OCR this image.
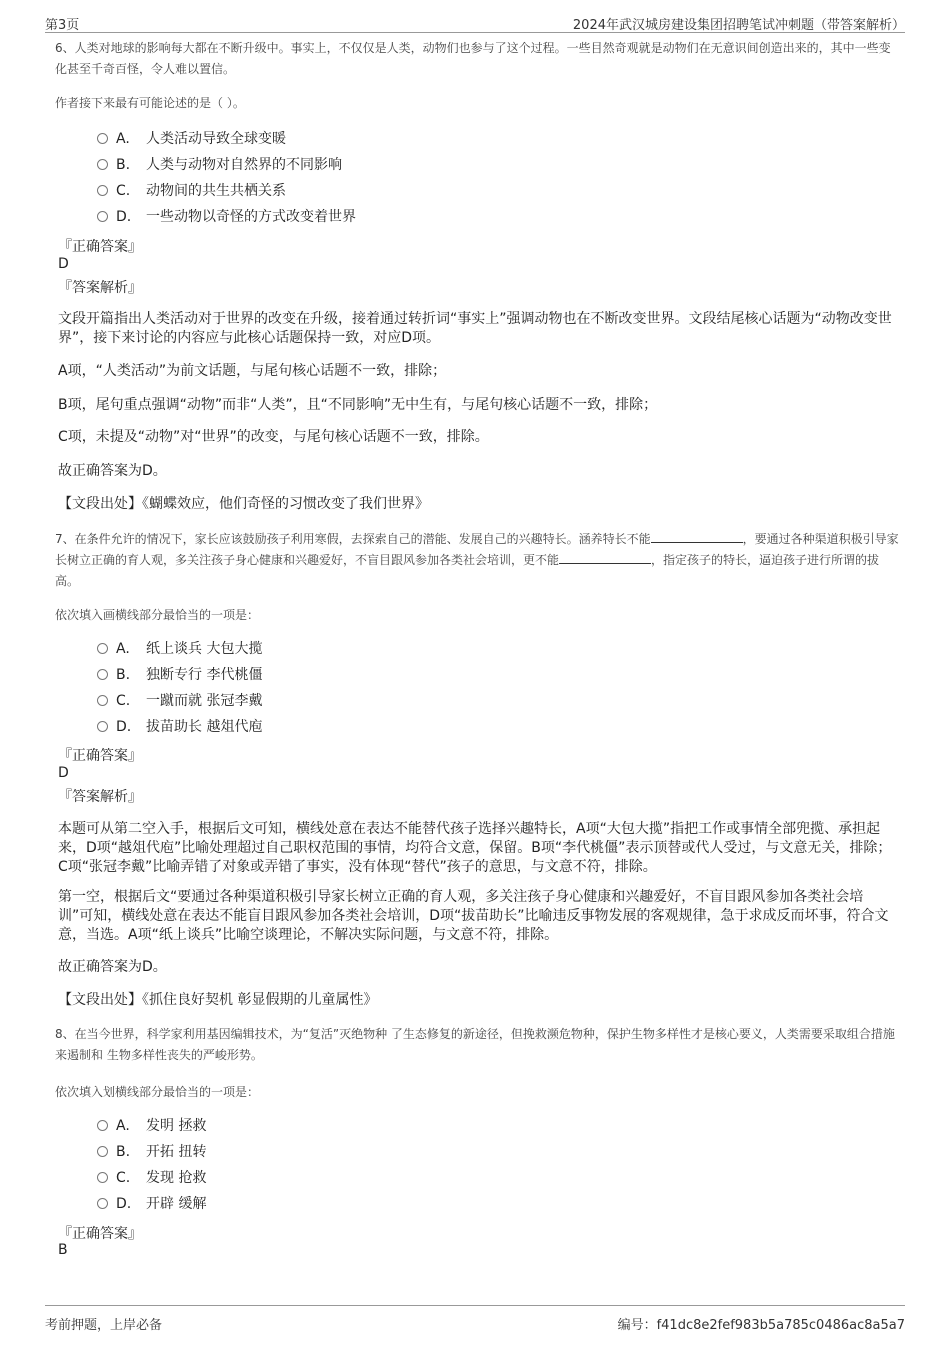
第3页	2024年武汉城房建设集团招聘笔试冲刺题（带答案解析）
6、人类对地球的影响每大都在不断升级中。事实上，不仅仅是人类，动物们也参与了这个过程。一些目然奇观就是动物们在无意识间创造出来的，其中一些变化甚至千奇百怪，令人难以置信。
作者接下来最有可能论述的是（ ）。
A. 人类活动导致全球变暖
B. 人类与动物对自然界的不同影响
C. 动物间的共生共栖关系
D. 一些动物以奇怪的方式改变着世界
『正确答案』
D
『答案解析』
文段开篇指出人类活动对于世界的改变在升级，接着通过转折词“事实上”强调动物也在不断改变世界。文段结尾核心话题为“动物改变世界”，接下来讨论的内容应与此核心话题保持一致，对应D项。
A项，“人类活动”为前文话题，与尾句核心话题不一致，排除；
B项，尾句重点强调“动物”而非“人类”，且“不同影响”无中生有，与尾句核心话题不一致，排除；
C项，未提及“动物”对“世界”的改变，与尾句核心话题不一致，排除。
故正确答案为D。
【文段出处】《蝴蝶效应，他们奇怪的习惯改变了我们世界》
7、在条件允许的情况下，家长应该鼓励孩子利用寒假，去探索自己的潜能、发展自己的兴趣特长。涵养特长不能	，要通过各种渠道积极引导家长树立正确的育人观，多关注孩子身心健康和兴趣爱好，不盲目跟风参加各类社会培训，更不能	，指定孩子的特长，逼迫孩子进行所谓的拔高。
依次填入画横线部分最恰当的一项是：
A. 纸上谈兵 大包大揽
B. 独断专行 李代桃僵
C. 一蹴而就 张冠李戴
D. 拔苗助长 越俎代庖
『正确答案』
D
『答案解析』
本题可从第二空入手，根据后文可知，横线处意在表达不能替代孩子选择兴趣特长，A项“大包大揽”指把工作或事情全部兜揽、承担起来，D项“越俎代庖”比喻处理超过自己职权范围的事情，均符合文意，保留。B项“李代桃僵”表示顶替或代人受过，与文意无关，排除；C项“张冠李戴”比喻弄错了对象或弄错了事实，没有体现“替代”孩子的意思，与文意不符，排除。
第一空，根据后文“要通过各种渠道积极引导家长树立正确的育人观，多关注孩子身心健康和兴趣爱好，不盲目跟风参加各类社会培训”可知，横线处意在表达不能盲目跟风参加各类社会培训，D项“拔苗助长”比喻违反事物发展的客观规律，急于求成反而坏事，符合文意，当选。A项“纸上谈兵”比喻空谈理论，不解决实际问题，与文意不符，排除。
故正确答案为D。
【文段出处】《抓住良好契机 彰显假期的儿童属性》
8、在当今世界，科学家利用基因编辑技术，为“复活”灭绝物种 了生态修复的新途径，但挽救濒危物种，保护生物多样性才是核心要义，人类需要采取组合措施来遏制和 生物多样性丧失的严峻形势。
依次填入划横线部分最恰当的一项是：
A. 发明 拯救
B. 开拓 扭转
C. 发现 抢救
D. 开辟 缓解
『正确答案』
B
考前押题，上岸必备	编号：f41dc8e2fef983b5a785c0486ac8a5a7
